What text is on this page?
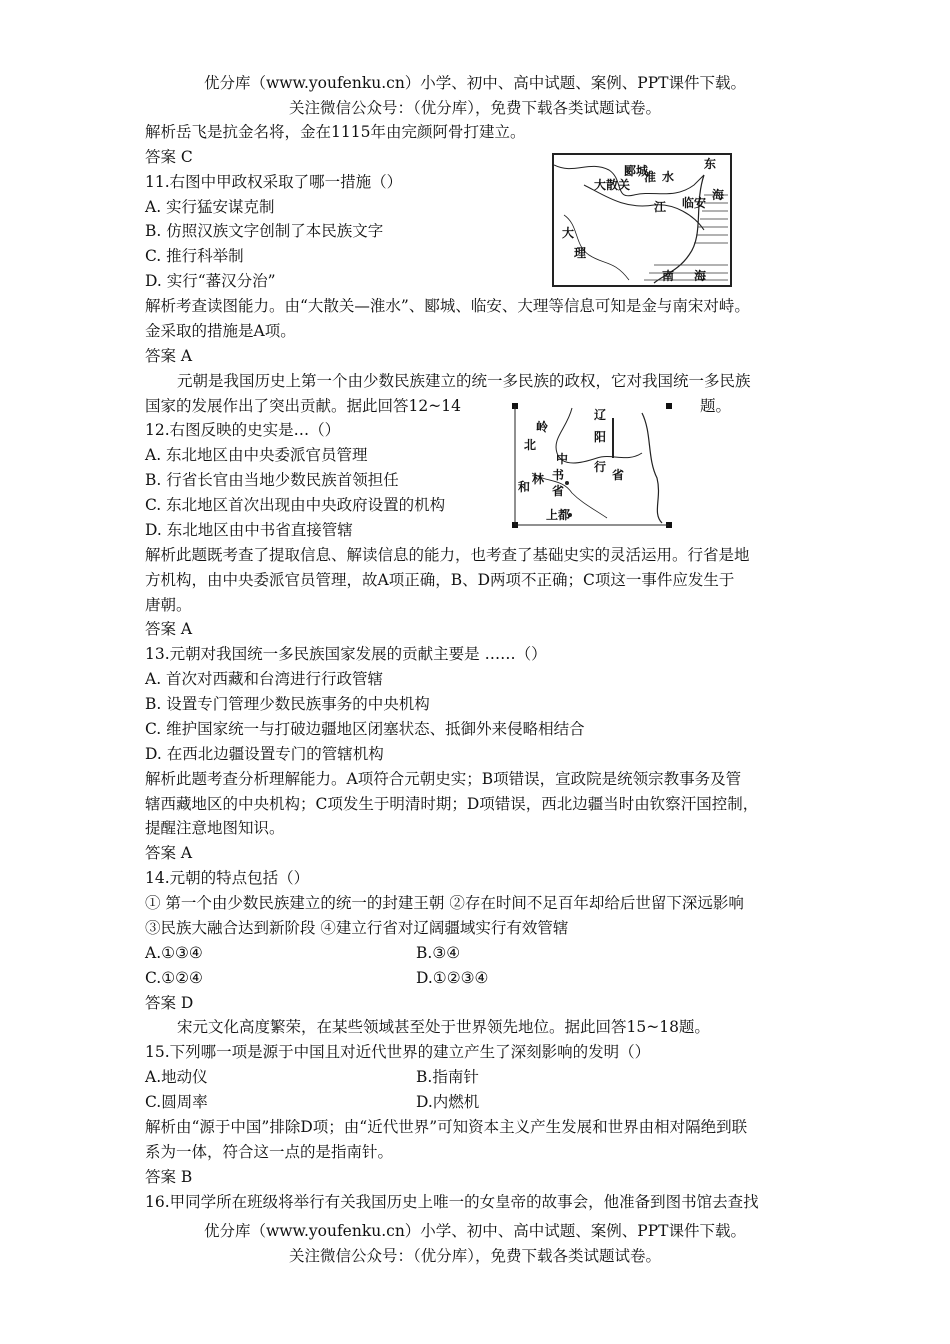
优分库（www.youfenku.cn）小学、初中、高中试题、案例、PPT课件下载。
关注微信公众号：（优分库），免费下载各类试题试卷。
解析岳飞是抗金名将，金在1115年由完颜阿骨打建立。
答案 C
11.右图中甲政权采取了哪一措施（）
A. 实行猛安谋克制
B. 仿照汉族文字创制了本民族文字
C. 推行科举制
D. 实行“蕃汉分治”
解析考查读图能力。由“大散关—淮水”、郾城、临安、大理等信息可知是金与南宋对峙。
金采取的措施是A项。
答案 A
元朝是我国历史上第一个由少数民族建立的统一多民族的政权，它对我国统一多民族
国家的发展作出了突出贡献。据此回答12~14	题。
12.右图反映的史实是…（）
A. 东北地区由中央委派官员管理
B. 行省长官由当地少数民族首领担任
C. 东北地区首次出现由中央政府设置的机构
D. 东北地区由中书省直接管辖
解析此题既考查了提取信息、解读信息的能力，也考查了基础史实的灵活运用。行省是地
方机构，由中央委派官员管理，故A项正确，B、D两项不正确；C项这一事件应发生于
唐朝。
答案 A
13.元朝对我国统一多民族国家发展的贡献主要是 ……（）
A. 首次对西藏和台湾进行行政管辖
B. 设置专门管理少数民族事务的中央机构
C. 维护国家统一与打破边疆地区闭塞状态、抵御外来侵略相结合
D. 在西北边疆设置专门的管辖机构
解析此题考查分析理解能力。A项符合元朝史实；B项错误，宣政院是统领宗教事务及管
辖西藏地区的中央机构；C项发生于明清时期；D项错误，西北边疆当时由钦察汗国控制，
提醒注意地图知识。
答案 A
14.元朝的特点包括（）
① 第一个由少数民族建立的统一的封建王朝 ②存在时间不足百年却给后世留下深远影响
③民族大融合达到新阶段 ④建立行省对辽阔疆域实行有效管辖
A.①③④	B.③④
C.①②④	D.①②③④
答案 D
宋元文化高度繁荣，在某些领域甚至处于世界领先地位。据此回答15~18题。
15.下列哪一项是源于中国且对近代世界的建立产生了深刻影响的发明（）
A.地动仪	B.指南针
C.圆周率	D.内燃机
解析由“源于中国”排除D项；由“近代世界”可知资本主义产生发展和世界由相对隔绝到联
系为一体，符合这一点的是指南针。
答案 B
16.甲同学所在班级将举行有关我国历史上唯一的女皇帝的故事会，他准备到图书馆去查找
东
大散关
淮 水
郾城
临安
大
理
江
海
南 海
辽
阳
行
省
岭
北
中
书
省
和
林
上都
优分库（www.youfenku.cn）小学、初中、高中试题、案例、PPT课件下载。
关注微信公众号：（优分库），免费下载各类试题试卷。
